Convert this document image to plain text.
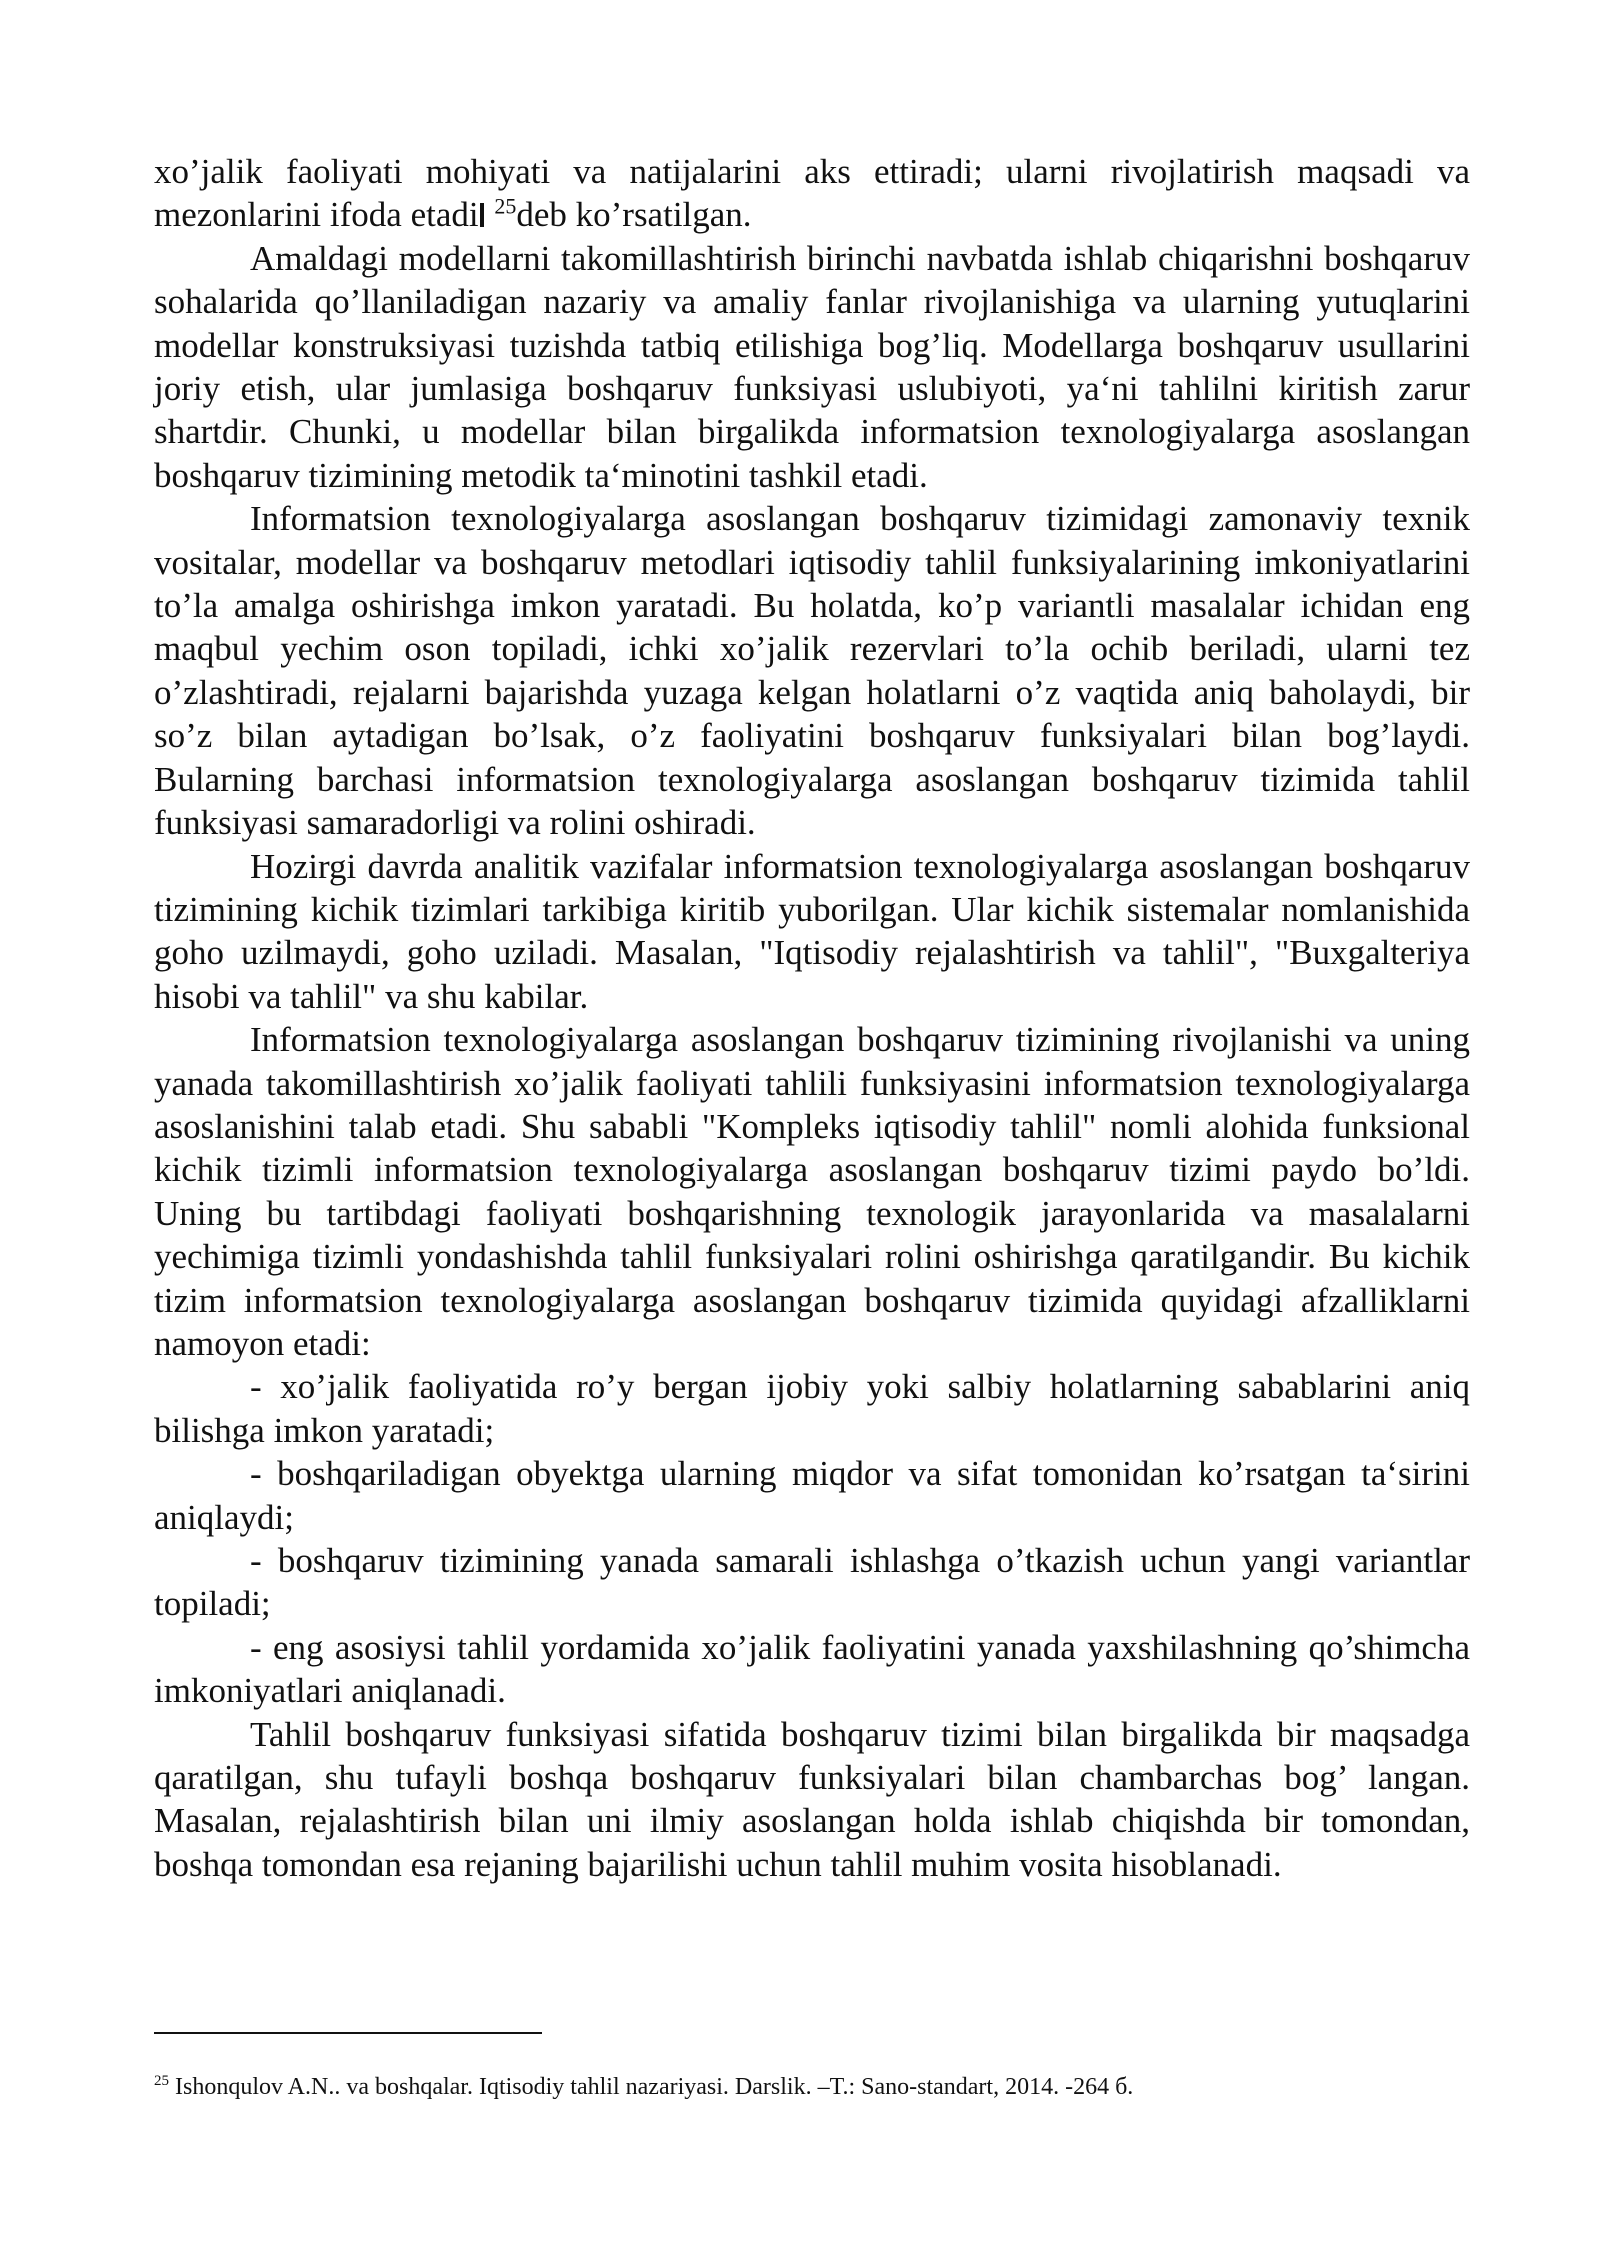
xo’jalik faoliyati mohiyati va natijalarini aks ettiradi; ularni rivojlatirish maqsadi va mezonlarini ifoda etadi $^{25}$deb ko’rsatilgan.

Amaldagi modellarni takomillashtirish birinchi navbatda ishlab chiqarishni boshqaruv sohalarida qo’llaniladigan nazariy va amaliy fanlar rivojlanishiga va ularning yutuqlarini modellar konstruksiyasi tuzishda tatbiq etilishiga bog’liq. Modellarga boshqaruv usullarini joriy etish, ular jumlasiga boshqaruv funksiyasi uslubiyoti, ya‘ni tahlilni kiritish zarur shartdir. Chunki, u modellar bilan birgalikda informatsion texnologiyalarga asoslangan boshqaruv tizimining metodik ta‘minotini tashkil etadi.

Informatsion texnologiyalarga asoslangan boshqaruv tizimidagi zamonaviy texnik vositalar, modellar va boshqaruv metodlari iqtisodiy tahlil funksiyalarining imkoniyatlarini to’la amalga oshirishga imkon yaratadi. Bu holatda, ko’p variantli masalalar ichidan eng maqbul yechim oson topiladi, ichki xo’jalik rezervlari to’la ochib beriladi, ularni tez o’zlashtiradi, rejalarni bajarishda yuzaga kelgan holatlarni o’z vaqtida aniq baholaydi, bir so’z bilan aytadigan bo’lsak, o’z faoliyatini boshqaruv funksiyalari bilan bog’laydi. Bularning barchasi informatsion texnologiyalarga asoslangan boshqaruv tizimida tahlil funksiyasi samaradorligi va rolini oshiradi.

Hozirgi davrda analitik vazifalar informatsion texnologiyalarga asoslangan boshqaruv tizimining kichik tizimlari tarkibiga kiritib yuborilgan. Ular kichik sistemalar nomlanishida goho uzilmaydi, goho uziladi. Masalan, "Iqtisodiy rejalashtirish va tahlil", "Buxgalteriya hisobi va tahlil" va shu kabilar.

Informatsion texnologiyalarga asoslangan boshqaruv tizimining rivojlanishi va uning yanada takomillashtirish xo’jalik faoliyati tahlili funksiyasini informatsion texnologiyalarga asoslanishini talab etadi. Shu sababli "Kompleks iqtisodiy tahlil" nomli alohida funksional kichik tizimli informatsion texnologiyalarga asoslangan boshqaruv tizimi paydo bo’ldi. Uning bu tartibdagi faoliyati boshqarishning texnologik jarayonlarida va masalalarni yechimiga tizimli yondashishda tahlil funksiyalari rolini oshirishga qaratilgandir. Bu kichik tizim informatsion texnologiyalarga asoslangan boshqaruv tizimida quyidagi afzalliklarni namoyon etadi:

- xo’jalik faoliyatida ro’y bergan ijobiy yoki salbiy holatlarning sabablarini aniq bilishga imkon yaratadi;

- boshqariladigan obyektga ularning miqdor va sifat tomonidan ko’rsatgan ta‘sirini aniqlaydi;

- boshqaruv tizimining yanada samarali ishlashga o’tkazish uchun yangi variantlar topiladi;

- eng asosiysi tahlil yordamida xo’jalik faoliyatini yanada yaxshilashning qo’shimcha imkoniyatlari aniqlanadi.

Tahlil boshqaruv funksiyasi sifatida boshqaruv tizimi bilan birgalikda bir maqsadga qaratilgan, shu tufayli boshqa boshqaruv funksiyalari bilan chambarchas bog’ langan. Masalan, rejalashtirish bilan uni ilmiy asoslangan holda ishlab chiqishda bir tomondan, boshqa tomondan esa rejaning bajarilishi uchun tahlil muhim vosita hisoblanadi.

$^{25}$ Ishonqulov A.N.. va boshqalar. Iqtisodiy tahlil nazariyasi. Darslik. –T.: Sano-standart, 2014. -264 б.
